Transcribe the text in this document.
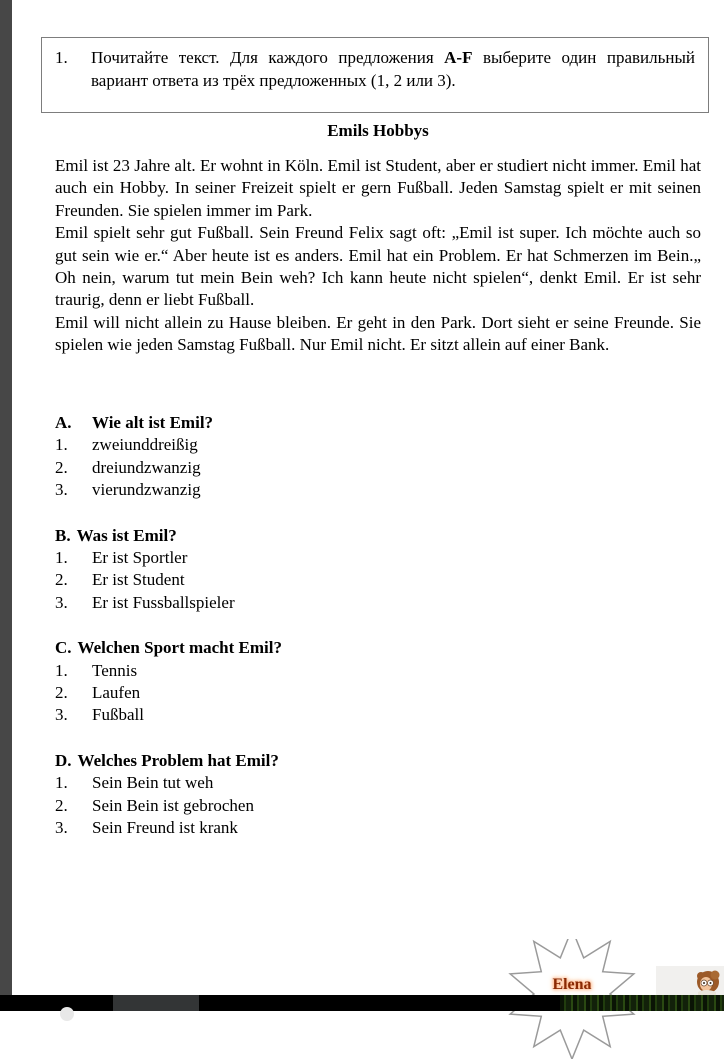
1.	Почитайте текст. Для каждого предложения A-F выберите один правильный вариант ответа из трёх предложенных (1, 2 или 3).
Emils Hobbys

Emil ist 23 Jahre alt. Er wohnt in Köln. Emil ist Student, aber er studiert nicht immer. Emil hat auch ein Hobby. In seiner Freizeit spielt er gern Fußball. Jeden Samstag spielt er mit seinen Freunden. Sie spielen immer im Park.

Emil spielt sehr gut Fußball. Sein Freund Felix sagt oft: „Emil ist super. Ich möchte auch so gut sein wie er.“ Aber heute ist es anders. Emil hat ein Problem. Er hat Schmerzen im Bein.„ Oh nein, warum tut mein Bein weh? Ich kann heute nicht spielen“, denkt Emil. Er ist sehr traurig, denn er liebt Fußball.

Emil will nicht allein zu Hause bleiben. Er geht in den Park. Dort sieht er seine Freunde. Sie spielen wie jeden Samstag Fußball. Nur Emil nicht. Er sitzt allein auf einer Bank.

A.	Wie alt ist Emil?
1.	zweiunddreißig
2.	dreiundzwanzig
3.	vierundzwanzig
B. Was ist Emil?
1.	Er ist Sportler
2.	Er ist Student
3.	Er ist Fussballspieler
C. Welchen Sport macht Emil?
1.	Tennis
2.	Laufen
3.	Fußball
D. Welches Problem hat Emil?
1.	Sein Bein tut weh
2.	Sein Bein ist gebrochen
3.	Sein Freund ist krank
Elena
